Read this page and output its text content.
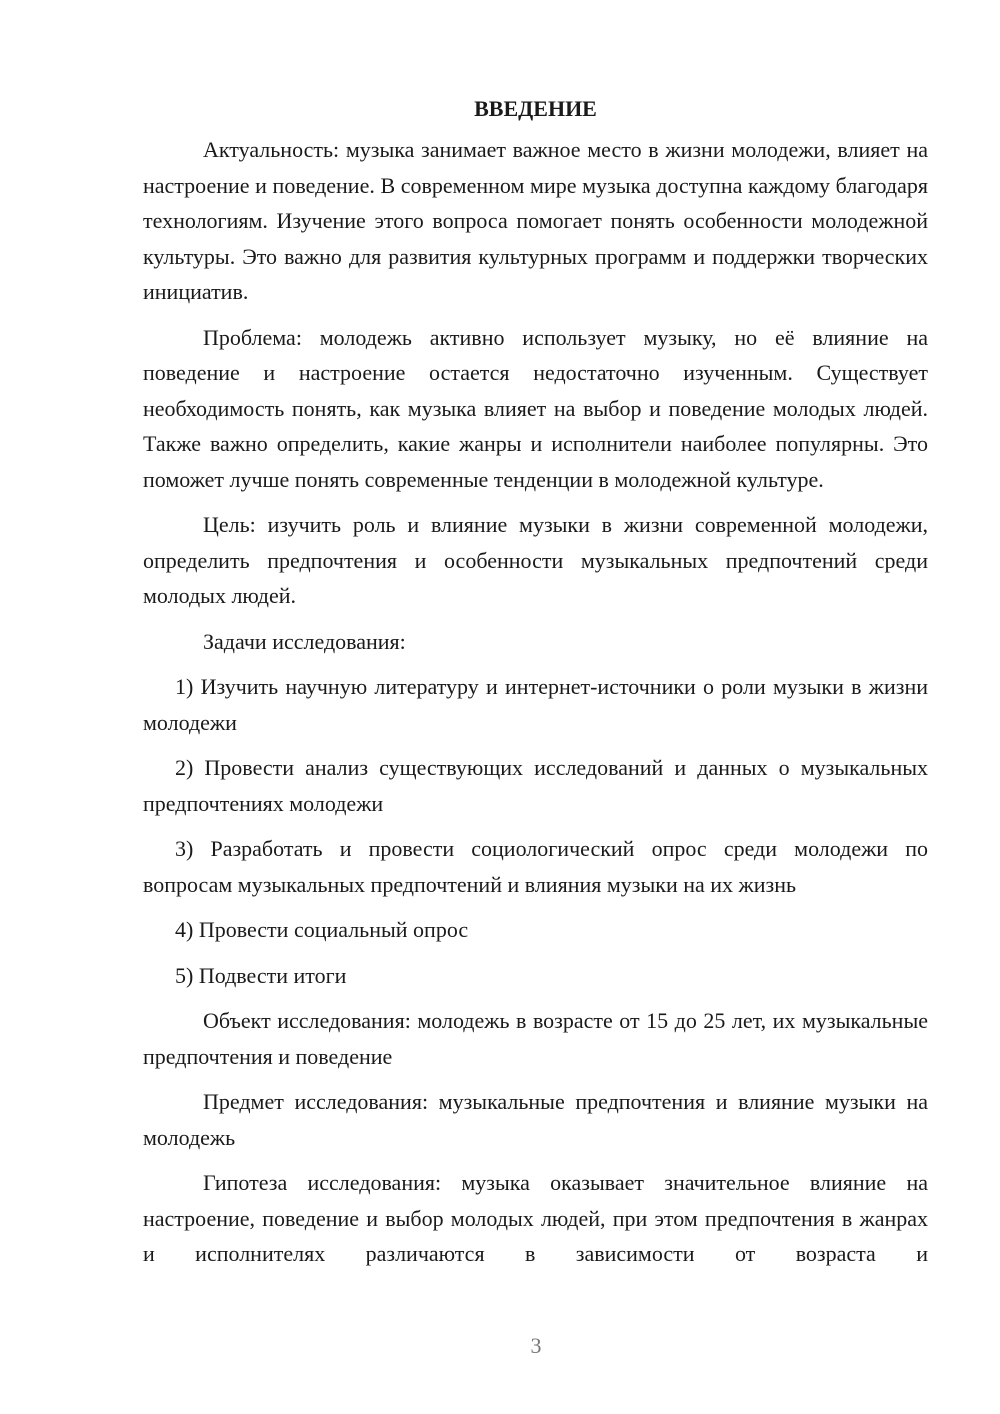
ВВЕДЕНИЕ

Актуальность: музыка занимает важное место в жизни молодежи, влияет на настроение и поведение. В современном мире музыка доступна каждому благодаря технологиям. Изучение этого вопроса помогает понять особенности молодежной культуры. Это важно для развития культурных программ и поддержки творческих инициатив.

Проблема: молодежь активно использует музыку, но её влияние на поведение и настроение остается недостаточно изученным. Существует необходимость понять, как музыка влияет на выбор и поведение молодых людей. Также важно определить, какие жанры и исполнители наиболее популярны. Это поможет лучше понять современные тенденции в молодежной культуре.

Цель: изучить роль и влияние музыки в жизни современной молодежи, определить предпочтения и особенности музыкальных предпочтений среди молодых людей.

Задачи исследования:

1) Изучить научную литературу и интернет-источники о роли музыки в жизни молодежи

2) Провести анализ существующих исследований и данных о музыкальных предпочтениях молодежи

3) Разработать и провести социологический опрос среди молодежи по вопросам музыкальных предпочтений и влияния музыки на их жизнь

4) Провести социальный опрос

5) Подвести итоги

Объект исследования: молодежь в возрасте от 15 до 25 лет, их музыкальные предпочтения и поведение

Предмет исследования: музыкальные предпочтения и влияние музыки на молодежь

Гипотеза исследования: музыка оказывает значительное влияние на настроение, поведение и выбор молодых людей, при этом предпочтения в жанрах и исполнителях различаются в зависимости от возраста и

3
